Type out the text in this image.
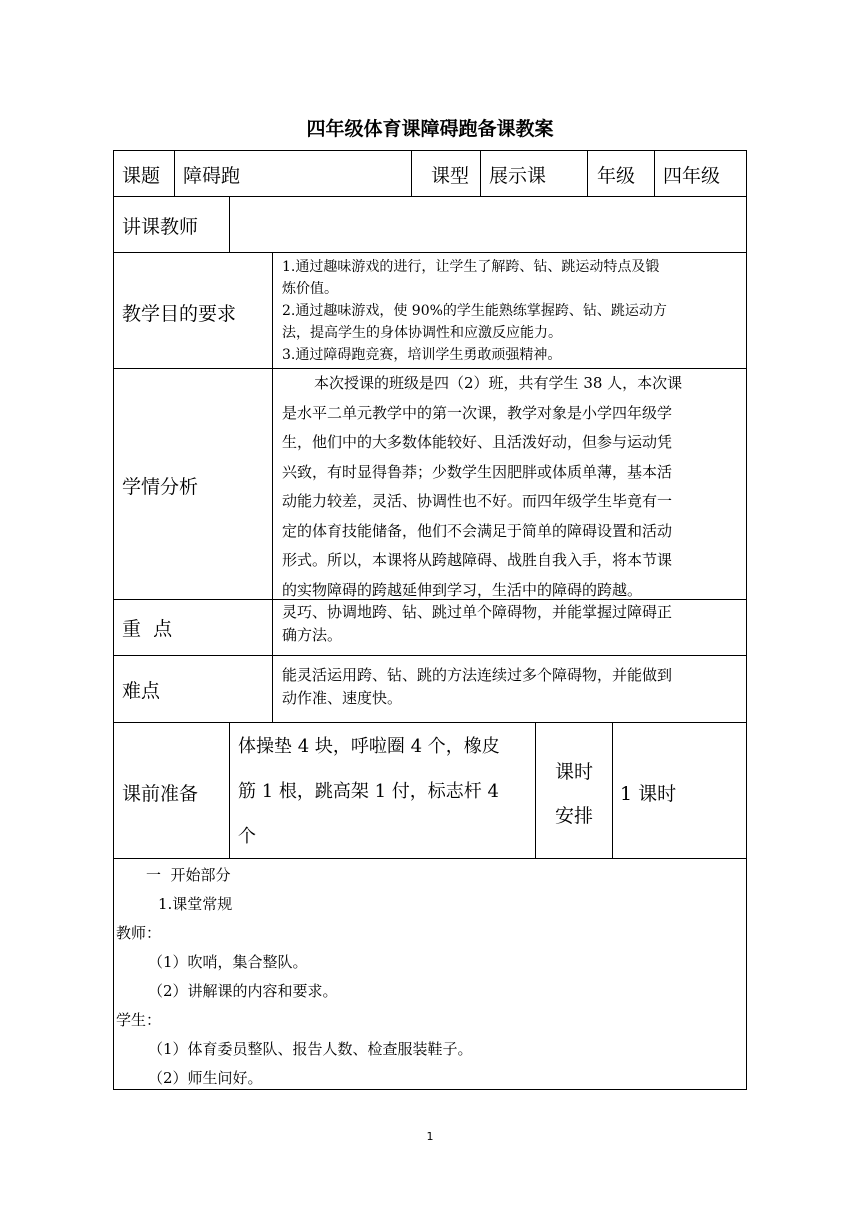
四年级体育课障碍跑备课教案
课题 障碍跑	课型 展示课	年级 四年级
讲课教师
教学目的要求
1.通过趣味游戏的进行，让学生了解跨、钻、跳运动特点及锻
炼价值。
2.通过趣味游戏，使 90%的学生能熟练掌握跨、钻、跳运动方
法，提高学生的身体协调性和应激反应能力。
3.通过障碍跑竞赛，培训学生勇敢顽强精神。
学情分析
本次授课的班级是四（2）班，共有学生 38 人，本次课
是水平二单元教学中的第一次课，教学对象是小学四年级学
生，他们中的大多数体能较好、且活泼好动，但参与运动凭
兴致，有时显得鲁莽；少数学生因肥胖或体质单薄，基本活
动能力较差，灵活、协调性也不好。而四年级学生毕竟有一
定的体育技能储备，他们不会满足于简单的障碍设置和活动
形式。所以，本课将从跨越障碍、战胜自我入手，将本节课
的实物障碍的跨越延伸到学习，生活中的障碍的跨越。
重  点
灵巧、协调地跨、钻、跳过单个障碍物，并能掌握过障碍正
确方法。
难点
能灵活运用跨、钻、跳的方法连续过多个障碍物，并能做到
动作准、速度快。
课前准备
体操垫 4 块，呼啦圈 4 个，橡皮
筋 1 根，跳高架 1 付，标志杆 4
个
课时
安排
1 课时
一  开始部分
1.课堂常规
教师：
（1）吹哨，集合整队。
（2）讲解课的内容和要求。
学生：
（1）体育委员整队、报告人数、检查服装鞋子。
（2）师生问好。
1
